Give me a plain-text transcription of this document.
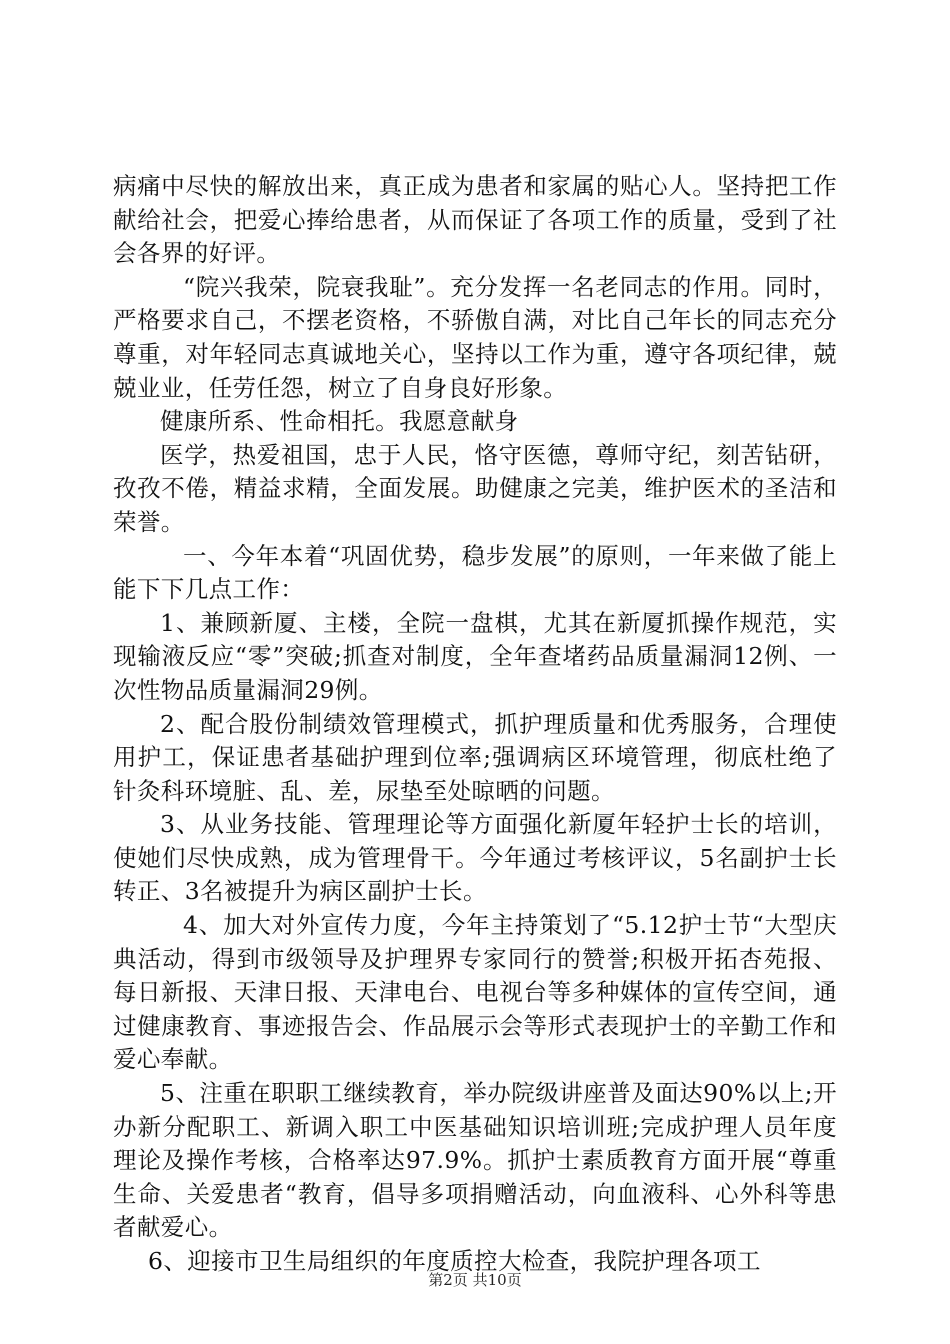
病痛中尽快的解放出来，真正成为患者和家属的贴心人。坚持把工作献给社会，把爱心捧给患者，从而保证了各项工作的质量，受到了社会各界的好评。

“院兴我荣，院衰我耻”。充分发挥一名老同志的作用。同时，严格要求自己，不摆老资格，不骄傲自满，对比自己年长的同志充分尊重，对年轻同志真诚地关心，坚持以工作为重，遵守各项纪律，兢兢业业，任劳任怨，树立了自身良好形象。

健康所系、性命相托。我愿意献身

医学，热爱祖国，忠于人民，恪守医德，尊师守纪，刻苦钻研，孜孜不倦，精益求精，全面发展。助健康之完美，维护医术的圣洁和荣誉。

一、今年本着“巩固优势，稳步发展”的原则，一年来做了能上能下下几点工作：

1、兼顾新厦、主楼，全院一盘棋，尤其在新厦抓操作规范，实现输液反应“零”突破;抓查对制度，全年查堵药品质量漏洞12例、一次性物品质量漏洞29例。

2、配合股份制绩效管理模式，抓护理质量和优秀服务，合理使用护工，保证患者基础护理到位率;强调病区环境管理，彻底杜绝了针灸科环境脏、乱、差，尿垫至处晾晒的问题。

3、从业务技能、管理理论等方面强化新厦年轻护士长的培训，使她们尽快成熟，成为管理骨干。今年通过考核评议，5名副护士长转正、3名被提升为病区副护士长。

4、加大对外宣传力度，今年主持策划了“5.12护士节“大型庆典活动，得到市级领导及护理界专家同行的赞誉;积极开拓杏苑报、每日新报、天津日报、天津电台、电视台等多种媒体的宣传空间，通过健康教育、事迹报告会、作品展示会等形式表现护士的辛勤工作和爱心奉献。

5、注重在职职工继续教育，举办院级讲座普及面达90%以上;开办新分配职工、新调入职工中医基础知识培训班;完成护理人员年度理论及操作考核，合格率达97.9%。抓护士素质教育方面开展“尊重生命、关爱患者“教育，倡导多项捐赠活动，向血液科、心外科等患者献爱心。

6、迎接市卫生局组织的年度质控大检查，我院护理各项工

第2页 共10页
